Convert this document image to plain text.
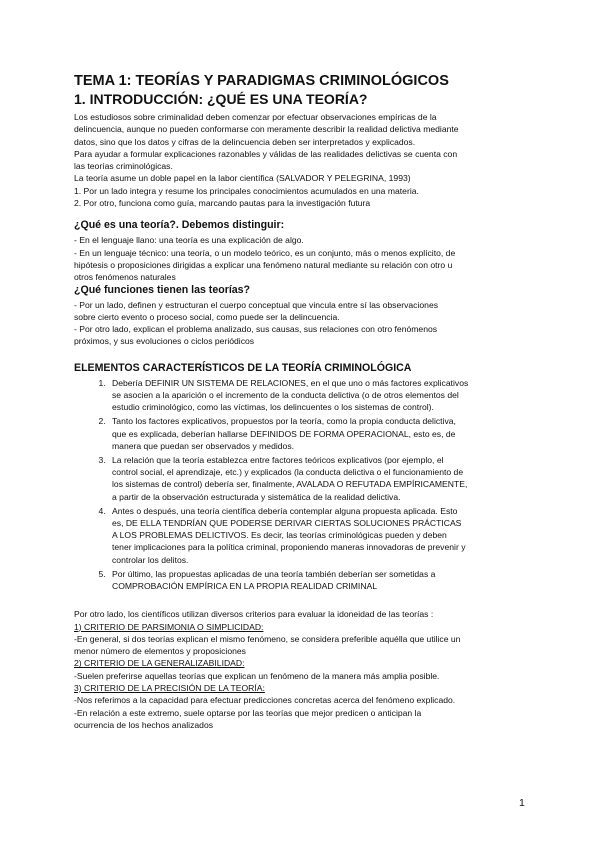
TEMA 1: TEORÍAS Y PARADIGMAS CRIMINOLÓGICOS
1. INTRODUCCIÓN: ¿QUÉ ES UNA TEORÍA?

Los estudiosos sobre criminalidad deben comenzar por efectuar observaciones empíricas de la

delincuencia, aunque no pueden conformarse con meramente describir la realidad delictiva mediante

datos, sino que los datos y cifras de la delincuencia deben ser interpretados y explicados.

Para ayudar a formular explicaciones razonables y válidas de las realidades delictivas se cuenta con

las teorías criminológicas.

La teoría asume un doble papel en la labor científica (SALVADOR Y PELEGRINA, 1993)

1. Por un lado integra y resume los principales conocimientos acumulados en una materia.

2. Por otro, funciona como guía, marcando pautas para la investigación futura

¿Qué es una teoría?. Debemos distinguir:

- En el lenguaje llano: una teoría es una explicación de algo.

- En un lenguaje técnico: una teoría, o un modelo teórico, es un conjunto, más o menos explícito, de

hipótesis o proposiciones dirigidas a explicar una fenómeno natural mediante su relación con otro u

otros fenómenos naturales

¿Qué funciones tienen las teorías?

- Por un lado, definen y estructuran el cuerpo conceptual que vincula entre sí las observaciones

sobre cierto evento o proceso social, como puede ser la delincuencia.

- Por otro lado, explican el problema analizado, sus causas, sus relaciones con otro fenómenos

próximos, y sus evoluciones o ciclos periódicos

ELEMENTOS CARACTERÍSTICOS DE LA TEORÍA CRIMINOLÓGICA
1. Debería DEFINIR UN SISTEMA DE RELACIONES, en el que uno o más factores explicativos
se asocien a la aparición o el incremento de la conducta delictiva (o de otros elementos del
estudio criminológico, como las víctimas, los delincuentes o los sistemas de control).
2. Tanto los factores explicativos, propuestos por la teoría, como la propia conducta delictiva,
que es explicada, deberían hallarse DEFINIDOS DE FORMA OPERACIONAL, esto es, de
manera que puedan ser observados y medidos.
3. La relación que la teoría establezca entre factores teóricos explicativos (por ejemplo, el
control social, el aprendizaje, etc.) y explicados (la conducta delictiva o el funcionamiento de
los sistemas de control) debería ser, finalmente, AVALADA O REFUTADA EMPÍRICAMENTE,
a partir de la observación estructurada y sistemática de la realidad delictiva.
4. Antes o después, una teoría científica debería contemplar alguna propuesta aplicada. Esto
es, DE ELLA TENDRÍAN QUE PODERSE DERIVAR CIERTAS SOLUCIONES PRÁCTICAS
A LOS PROBLEMAS DELICTIVOS. Es decir, las teorías criminológicas pueden y deben
tener implicaciones para la política criminal, proponiendo maneras innovadoras de prevenir y
controlar los delitos.
5. Por último, las propuestas aplicadas de una teoría también deberían ser sometidas a
COMPROBACIÓN EMPÍRICA EN LA PROPIA REALIDAD CRIMINAL

Por otro lado, los científicos utilizan diversos criterios para evaluar la idoneidad de las teorías :

1) CRITERIO DE PARSIMONIA O SIMPLICIDAD:

-En general, si dos teorías explican el mismo fenómeno, se considera preferible aquélla que utilice un

menor número de elementos y proposiciones

2) CRITERIO DE LA GENERALIZABILIDAD:

-Suelen preferirse aquellas teorías que explican un fenómeno de la manera más amplia posible.

3) CRITERIO DE LA PRECISIÓN DE LA TEORÍA:

-Nos referimos a la capacidad para efectuar predicciones concretas acerca del fenómeno explicado.

-En relación a este extremo, suele optarse por las teorías que mejor predicen o anticipan la

ocurrencia de los hechos analizados

1
